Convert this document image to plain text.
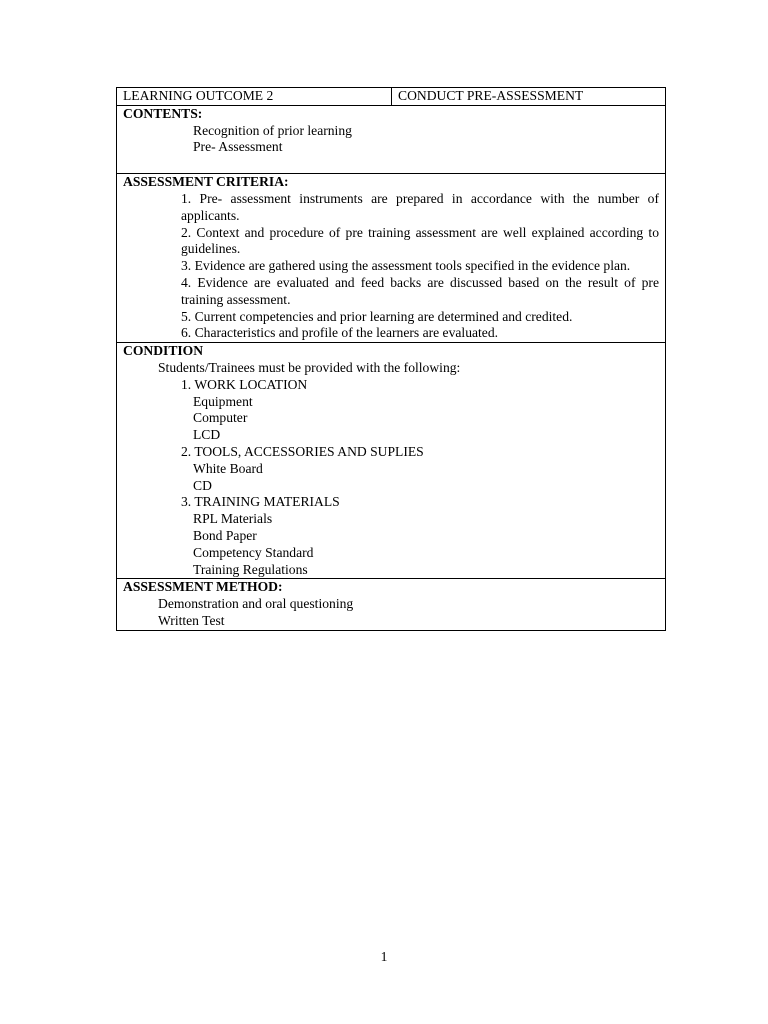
LEARNING OUTCOME 2	CONDUCT PRE-ASSESSMENT

CONTENTS:
Recognition of prior learning
Pre- Assessment

ASSESSMENT CRITERIA:
1. Pre- assessment instruments are prepared in accordance with the number of applicants.
2. Context and procedure of pre training assessment are well explained according to guidelines.
3. Evidence are gathered using the assessment tools specified in the evidence plan.
4. Evidence are evaluated and feed backs are discussed based on the result of pre training assessment.
5. Current competencies and prior learning are determined and credited.
6. Characteristics and profile of the learners are evaluated.

CONDITION
Students/Trainees must be provided with the following:
1. WORK LOCATION
Equipment
Computer
LCD
2. TOOLS, ACCESSORIES AND SUPLIES
White Board
CD
3. TRAINING MATERIALS
RPL Materials
Bond Paper
Competency Standard
Training Regulations

ASSESSMENT METHOD:
Demonstration and oral questioning
Written Test
1
